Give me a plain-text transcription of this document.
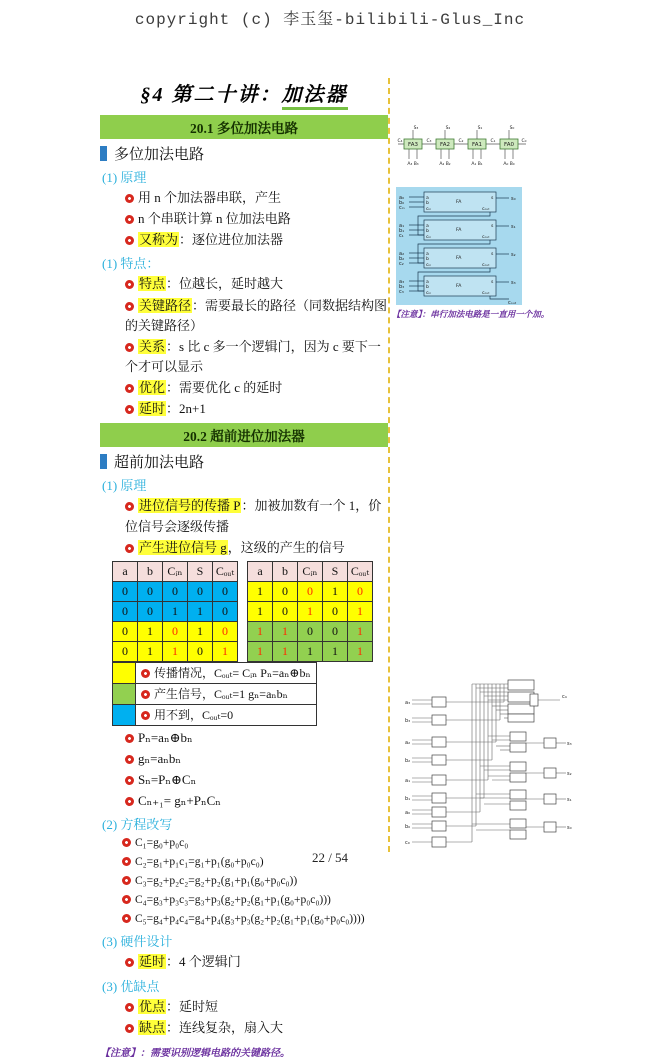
copyright (c) 李玉玺-bilibili-Glus_Inc
§4 第二十讲：加法器
20.1 多位加法电路
多位加法电路
(1) 原理
用 n 个加法器串联，产生
n 个串联计算 n 位加法电路
又称为：逐位进位加法器
(1) 特点：
特点：位越长，延时越大
关键路径：需要最长的路径（同数据结构图的关键路径）
关系：s 比 c 多一个逻辑门，因为 c 要下一个才可以显示
优化：需要优化 c 的延时
延时：2n+1
20.2 超前进位加法器
超前加法电路
(1) 原理
进位信号的传播 P：加被加数有一个 1，价位信号会逐级传播
产生进位信号 g，这级的产生的信号
a	b	Cᵢₙ	S	Cₒᵤₜ
0	0	0	0	0
0	0	1	1	0
0	1	0	1	0
0	1	1	0	1
a	b	Cᵢₙ	S	Cₒᵤₜ
1	0	0	1	0
1	0	1	0	1
1	1	0	0	1
1	1	1	1	1
	传播情况，Cₒᵤₜ= Cᵢₙ Pₙ=aₙ⊕bₙ
	产生信号，Cₒᵤₜ=1 gₙ=aₙbₙ
	用不到，Cₒᵤₜ=0
Pₙ=aₙ⊕bₙ
gₙ=aₙbₙ
Sₙ=Pₙ⊕Cₙ
Cₙ₊₁= gₙ+PₙCₙ
(2) 方程改写
C₁=g₀+p₀c₀
C₂=g₁+p₁c₁=g₁+p₁(g₀+p₀c₀)
C₃=g₂+p₂c₂=g₂+p₂(g₁+p₁(g₀+p₀c₀))
C₄=g₃+p₃c₃=g₃+p₃(g₂+p₂(g₁+p₁(g₀+p₀c₀)))
C₅=g₄+p₄c₄=g₄+p₄(g₃+p₃(g₂+p₂(g₁+p₁(g₀+p₀c₀))))
(3) 硬件设计
延时：4 个逻辑门
(3) 优缺点
优点：延时短
缺点：连线复杂，扇入大
【注意】：需要识别逻辑电路的关键路径。
FA3	FA2	FA1	FA0
S₃	S₂	S₁	S₀
C₄	C₃	C₂	C₁	C₀
A₃ B₃	A₂ B₂	A₁ B₁	A₀ B₀
a₀
b₀
cᵢₙ
s₀
a₁
b₁
c₁
s₁
a₂
b₂
c₂
s₂
a₃
b₃
c₃
s₃
cₒᵤₜ
a
b
cᵢₙ
FA
s
cₒᵤₜ
a
b
cᵢₙ
FA
s
cₒᵤₜ
a
b
cᵢₙ
FA
s
cₒᵤₜ
a
b
cᵢₙ
FA
s
cₒᵤₜ
【注意】：串行加法电路是一直用一个加。
a₃
b₃
a₂
b₂
a₁
b₁
a₀
b₀
c₀
c₄
s₃
s₂
s₁
s₀
22 / 54
